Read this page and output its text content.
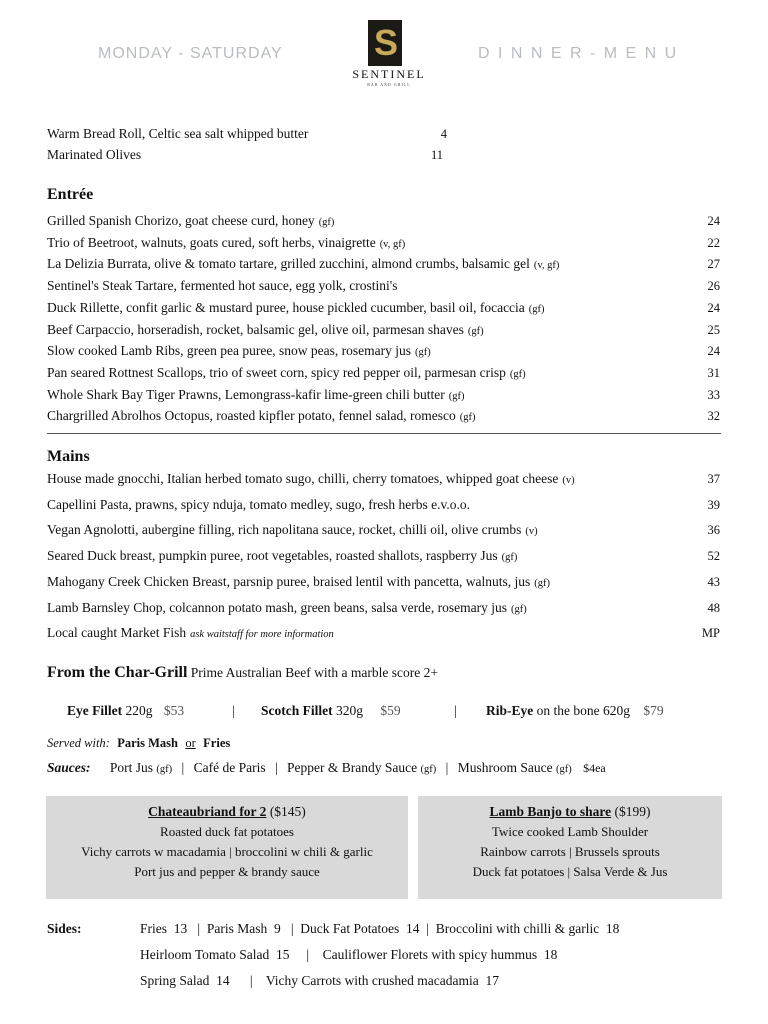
MONDAY - SATURDAY	D I N N E R - M E N U
S
SENTINEL
BAR AND GRILL
Warm Bread Roll, Celtic sea salt whipped butter	4
Marinated Olives	11
Entrée
Grilled Spanish Chorizo, goat cheese curd, honey (gf)	24
Trio of Beetroot, walnuts, goats cured, soft herbs, vinaigrette (v, gf)	22
La Delizia Burrata, olive & tomato tartare, grilled zucchini, almond crumbs, balsamic gel (v, gf)	27
Sentinel's Steak Tartare, fermented hot sauce, egg yolk, crostini's	26
Duck Rillette, confit garlic & mustard puree, house pickled cucumber, basil oil, focaccia (gf)	24
Beef Carpaccio, horseradish, rocket, balsamic gel, olive oil, parmesan shaves (gf)	25
Slow cooked Lamb Ribs, green pea puree, snow peas, rosemary jus (gf)	24
Pan seared Rottnest Scallops, trio of sweet corn, spicy red pepper oil, parmesan crisp (gf)	31
Whole Shark Bay Tiger Prawns, Lemongrass-kafir lime-green chili butter (gf)	33
Chargrilled Abrolhos Octopus, roasted kipfler potato, fennel salad, romesco (gf)	32
Mains
House made gnocchi, Italian herbed tomato sugo, chilli, cherry tomatoes, whipped goat cheese (v)	37
Capellini Pasta, prawns, spicy nduja, tomato medley, sugo, fresh herbs e.v.o.o.	39
Vegan Agnolotti, aubergine filling, rich napolitana sauce, rocket, chilli oil, olive crumbs (v)	36
Seared Duck breast, pumpkin puree, root vegetables, roasted shallots, raspberry Jus (gf)	52
Mahogany Creek Chicken Breast, parsnip puree, braised lentil with pancetta, walnuts, jus (gf)	43
Lamb Barnsley Chop, colcannon potato mash, green beans, salsa verde, rosemary jus (gf)	48
Local caught Market Fish ask waitstaff for more information	MP
From the Char-Grill Prime Australian Beef with a marble score 2+
Eye Fillet 220g $53	| Scotch Fillet 320g $59	| Rib-Eye on the bone 620g $79
Served with: Paris Mash or Fries
Sauces: Port Jus (gf) | Café de Paris | Pepper & Brandy Sauce (gf) | Mushroom Sauce (gf) $4ea
Chateaubriand for 2 ($145)
Roasted duck fat potatoes
Vichy carrots w macadamia | broccolini w chili & garlic
Port jus and pepper & brandy sauce
Lamb Banjo to share ($199)
Twice cooked Lamb Shoulder
Rainbow carrots | Brussels sprouts
Duck fat potatoes | Salsa Verde & Jus
Sides:	Fries  13   |  Paris Mash  9   |  Duck Fat Potatoes  14  |  Broccolini with chilli & garlic  18
Heirloom Tomato Salad  15     |    Cauliflower Florets with spicy hummus  18
Spring Salad  14      |    Vichy Carrots with crushed macadamia  17
